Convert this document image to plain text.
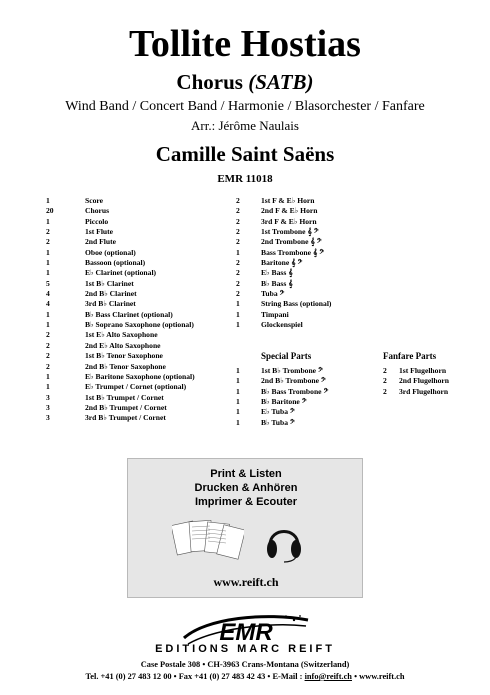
Tollite Hostias
Chorus (SATB)
Wind Band / Concert Band / Harmonie / Blasorchester / Fanfare
Arr.: Jérôme Naulais
Camille Saint Saëns
EMR 11018
1	Score
20	Chorus
1	Piccolo
2	1st Flute
2	2nd Flute
1	Oboe (optional)
1	Bassoon (optional)
1	E♭ Clarinet (optional)
5	1st B♭ Clarinet
4	2nd B♭ Clarinet
4	3rd B♭ Clarinet
1	B♭ Bass Clarinet (optional)
1	B♭ Soprano Saxophone (optional)
2	1st E♭ Alto Saxophone
2	2nd E♭ Alto Saxophone
2	1st B♭ Tenor Saxophone
2	2nd B♭ Tenor Saxophone
1	E♭ Baritone Saxophone (optional)
1	E♭ Trumpet / Cornet (optional)
3	1st B♭ Trumpet / Cornet
3	2nd B♭ Trumpet / Cornet
3	3rd B♭ Trumpet / Cornet
2	1st F & E♭ Horn
2	2nd F & E♭ Horn
2	3rd F & E♭ Horn
2	1st Trombone 𝄞 𝄢
2	2nd Trombone 𝄞 𝄢
1	Bass Trombone 𝄞 𝄢
2	Baritone 𝄞 𝄢
2	E♭ Bass 𝄞
2	B♭ Bass 𝄞
2	Tuba 𝄢
1	String Bass (optional)
1	Timpani
1	Glockenspiel
Special Parts	Fanfare Parts
1	1st B♭ Trombone 𝄢
1	2nd B♭ Trombone 𝄢
1	B♭ Bass Trombone 𝄢
1	B♭ Baritone 𝄢
1	E♭ Tuba 𝄢
1	B♭ Tuba 𝄢
2	1st Flugelhorn
2	2nd Flugelhorn
2	3rd Flugelhorn
Print & Listen
Drucken & Anhören
Imprimer & Ecouter
www.reift.ch
EMR
EDITIONS MARC REIFT
Case Postale 308 • CH-3963 Crans-Montana (Switzerland)
Tel. +41 (0) 27 483 12 00 • Fax +41 (0) 27 483 42 43 • E-Mail : info@reift.ch • www.reift.ch
